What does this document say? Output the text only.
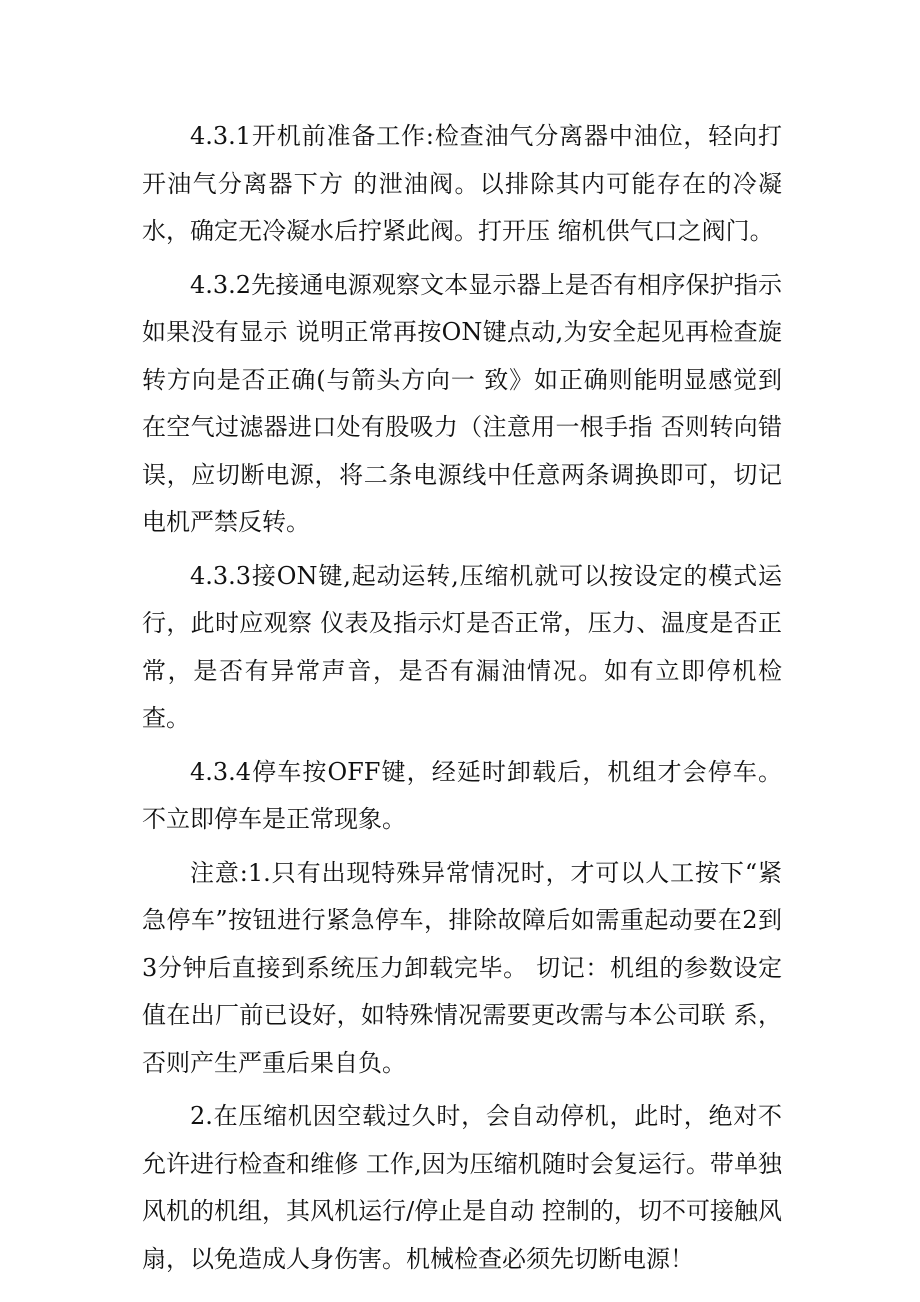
4.3.1开机前准备工作:检查油气分离器中油位，轻向打开油气分离器下方 的泄油阀。以排除其内可能存在的冷凝水，确定无冷凝水后拧紧此阀。打开压 缩机供气口之阀门。

4.3.2先接通电源观察文本显示器上是否有相序保护指示如果没有显示 说明正常再按ON键点动,为安全起见再检查旋转方向是否正确(与箭头方向一 致》如正确则能明显感觉到在空气过滤器进口处有股吸力（注意用一根手指 否则转向错误，应切断电源，将二条电源线中任意两条调换即可，切记电机严禁反转。

4.3.3接ON键,起动运转,压缩机就可以按设定的模式运行，此时应观察 仪表及指示灯是否正常，压力、温度是否正常，是否有异常声音，是否有漏油情况。如有立即停机检查。

4.3.4停车按OFF键，经延时卸载后，机组才会停车。不立即停车是正常现象。

注意:1.只有出现特殊异常情况时，才可以人工按下“紧急停车”按钮进行紧急停车，排除故障后如需重起动要在2到3分钟后直接到系统压力卸载完毕。 切记：机组的参数设定值在出厂前已设好，如特殊情况需要更改需与本公司联 系，否则产生严重后果自负。

2.在压缩机因空载过久时，会自动停机，此时，绝对不允许进行检查和维修 工作,因为压缩机随时会复运行。带单独风机的机组，其风机运行/停止是自动 控制的，切不可接触风扇，以免造成人身伤害。机械检查必须先切断电源！
